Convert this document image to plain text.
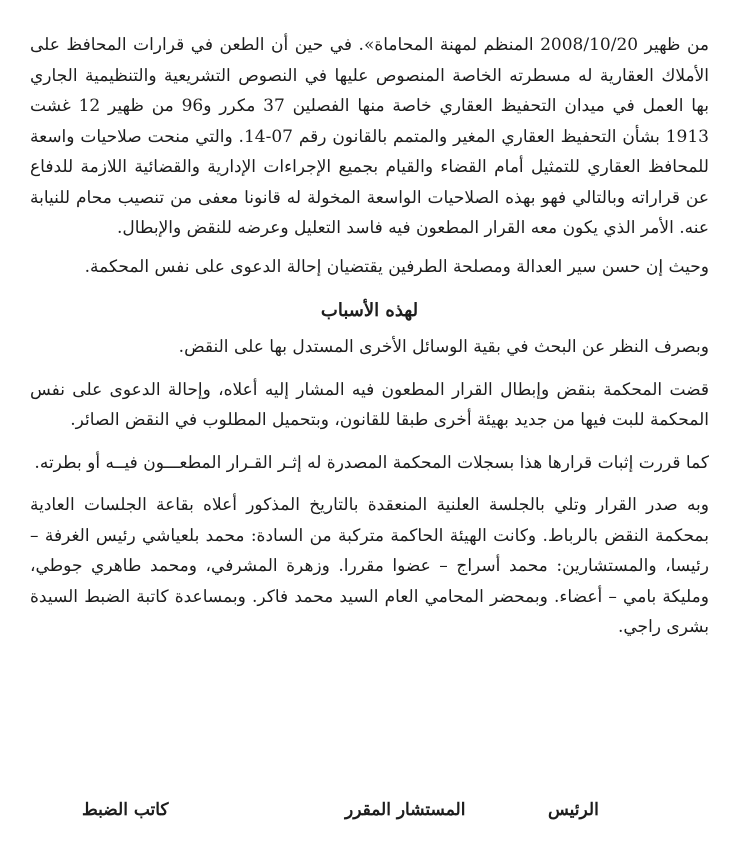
من ظهير 2008/10/20 المنظم لمهنة المحاماة». في حين أن الطعن في قرارات المحافظ على الأملاك العقارية له مسطرته الخاصة المنصوص عليها في النصوص التشريعية والتنظيمية الجاري بها العمل في ميدان التحفيظ العقاري خاصة منها الفصلين 37 مكرر و96 من ظهير 12 غشت 1913 بشأن التحفيظ العقاري المغير والمتمم بالقانون رقم 07-14. والتي منحت صلاحيات واسعة للمحافظ العقاري للتمثيل أمام القضاء والقيام بجميع الإجراءات الإدارية والقضائية اللازمة للدفاع عن قراراته وبالتالي فهو بهذه الصلاحيات الواسعة المخولة له قانونا معفى من تنصيب محام للنيابة عنه. الأمر الذي يكون معه القرار المطعون فيه فاسد التعليل وعرضه للنقض والإبطال.

وحيث إن حسن سير العدالة ومصلحة الطرفين يقتضيان إحالة الدعوى على نفس المحكمة.

لهذه الأسباب

وبصرف النظر عن البحث في بقية الوسائل الأخرى المستدل بها على النقض.

قضت المحكمة بنقض وإبطال القرار المطعون فيه المشار إليه أعلاه، وإحالة الدعوى على نفس المحكمة للبت فيها من جديد بهيئة أخرى طبقا للقانون، وبتحميل المطلوب في النقض الصائر.

كما قررت إثبات قرارها هذا بسجلات المحكمة المصدرة له إثـر القـرار المطعـــون فيــه أو بطرته.

وبه صدر القرار وتلي بالجلسة العلنية المنعقدة بالتاريخ المذكور أعلاه بقاعة الجلسات العادية بمحكمة النقض بالرباط. وكانت الهيئة الحاكمة متركبة من السادة: محمد بلعياشي رئيس الغرفة – رئيسا، والمستشارين: محمد أسراج – عضوا مقررا. وزهرة المشرفي، ومحمد طاهري جوطي، ومليكة بامي – أعضاء. وبمحضر المحامي العام السيد محمد فاكر. وبمساعدة كاتبة الضبط السيدة بشرى راجي.

الرئيس
المستشار المقرر
كاتب الضبط
